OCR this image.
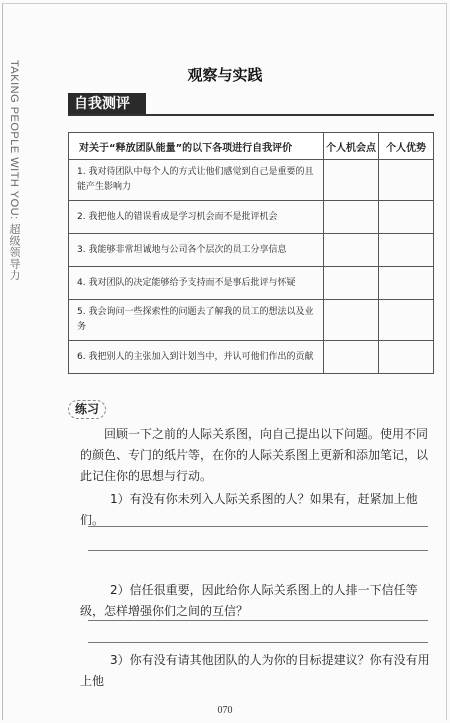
TAKING PEOPLE WITH YOU: 超级领导力	观察与实践
自我测评
对关于“释放团队能量”的以下各项进行自我评价	个人机会点	个人优势
1. 我对待团队中每个人的方式让他们感觉到自己是重要的且能产生影响力		
2. 我把他人的错误看成是学习机会而不是批评机会		
3. 我能够非常坦诚地与公司各个层次的员工分享信息		
4. 我对团队的决定能够给予支持而不是事后批评与怀疑		
5. 我会询问一些探索性的问题去了解我的员工的想法以及业务		
6. 我把别人的主张加入到计划当中，并认可他们作出的贡献		
练习
回顾一下之前的人际关系图，向自己提出以下问题。使用不同的颜色、专门的纸片等，在你的人际关系图上更新和添加笔记，以此记住你的思想与行动。
1）有没有你未列入人际关系图的人？如果有，赶紧加上他们。
2）信任很重要，因此给你人际关系图上的人排一下信任等级，怎样增强你们之间的互信？
3）你有没有请其他团队的人为你的目标提建议？你有没有用上他
070
